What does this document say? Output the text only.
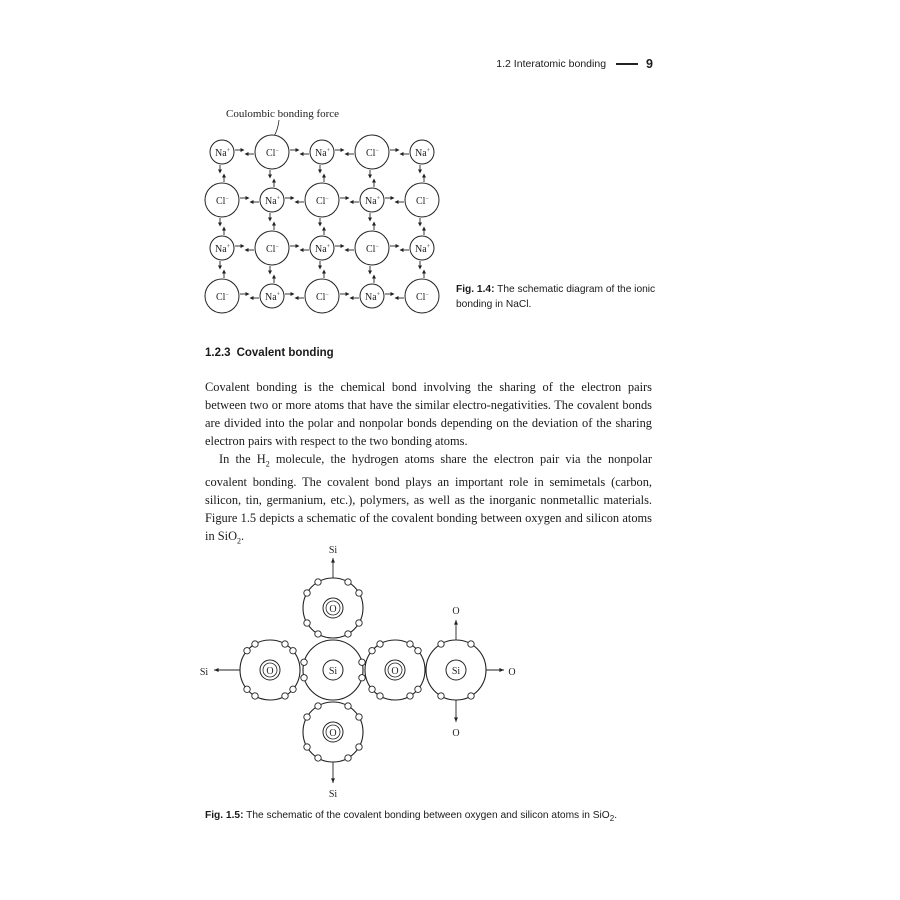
1.2 Interatomic bonding	9
Coulombic bonding force
Na+	Cl−	Na+	Cl−	Na+
Cl−	Na+	Cl−	Na+	Cl−
Na+	Cl−	Na+	Cl−	Na+
Cl−	Na+	Cl−	Na+	Cl−	Fig. 1.4: The schematic diagram of the ionic bonding in NaCl.
1.2.3 Covalent bonding

Covalent bonding is the chemical bond involving the sharing of the electron pairs between two or more atoms that have the similar electro-negativities. The covalent bonds are divided into the polar and nonpolar bonds depending on the deviation of the sharing electron pairs with respect to the two bonding atoms.

In the $H_2$ molecule, the hydrogen atoms share the electron pair via the nonpolar covalent bonding. The covalent bond plays an important role in semimetals (carbon, silicon, tin, germanium, etc.), polymers, as well as the inorganic nonmetallic materials. Figure 1.5 depicts a schematic of the covalent bonding between oxygen and silicon atoms in SiO$_2$.

Si
Si
Si	O
O
O
O
O
O	O
Si	Si
Fig. 1.5: The schematic of the covalent bonding between oxygen and silicon atoms in SiO$_2$.
